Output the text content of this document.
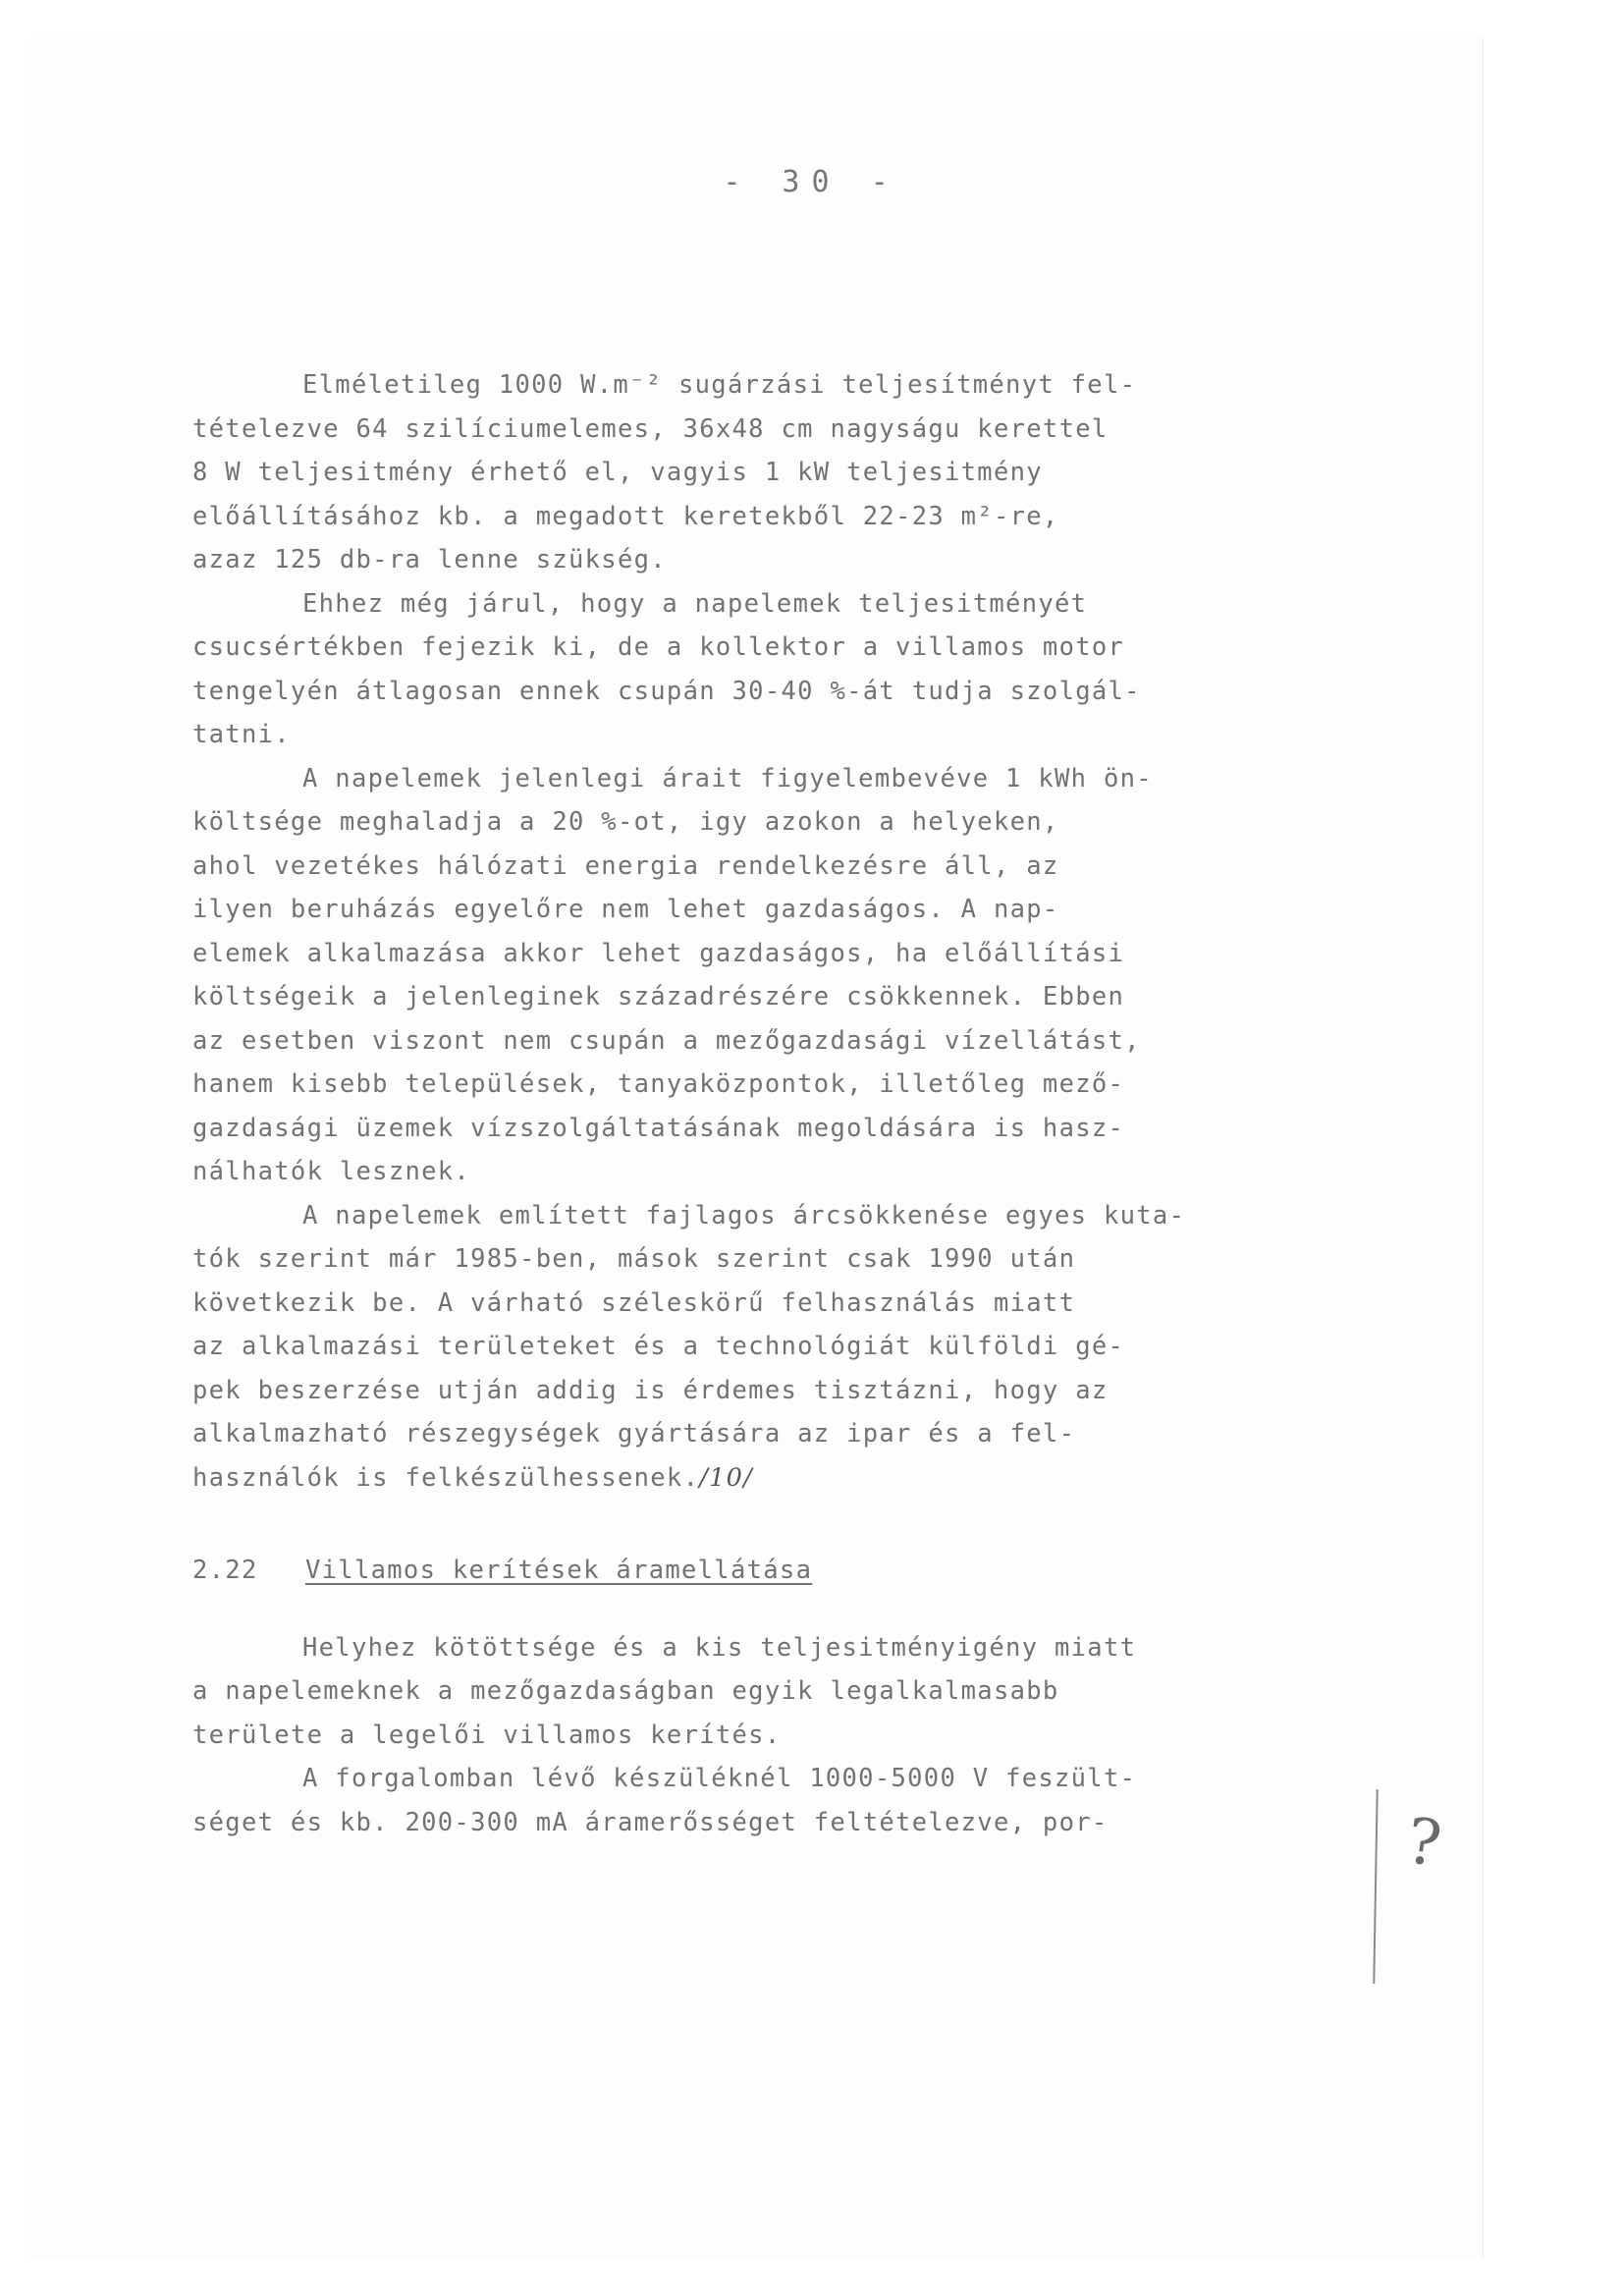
- 30 -
Elméletileg 1000 W.m⁻² sugárzási teljesítményt fel-
tételezve 64 szilíciumelemes, 36x48 cm nagyságu kerettel
8 W teljesitmény érhető el, vagyis 1 kW teljesitmény
előállításához kb. a megadott keretekből 22-23 m²-re,
azaz 125 db-ra lenne szükség.
Ehhez még járul, hogy a napelemek teljesitményét
csucsértékben fejezik ki, de a kollektor a villamos motor
tengelyén átlagosan ennek csupán 30-40 %-át tudja szolgál-
tatni.
A napelemek jelenlegi árait figyelembevéve 1 kWh ön-
költsége meghaladja a 20 %-ot, igy azokon a helyeken,
ahol vezetékes hálózati energia rendelkezésre áll, az
ilyen beruházás egyelőre nem lehet gazdaságos. A nap-
elemek alkalmazása akkor lehet gazdaságos, ha előállítási
költségeik a jelenleginek századrészére csökkennek. Ebben
az esetben viszont nem csupán a mezőgazdasági vízellátást,
hanem kisebb települések, tanyaközpontok, illetőleg mező-
gazdasági üzemek vízszolgáltatásának megoldására is hasz-
nálhatók lesznek.
A napelemek említett fajlagos árcsökkenése egyes kuta-
tók szerint már 1985-ben, mások szerint csak 1990 után
következik be. A várható széleskörű felhasználás miatt
az alkalmazási területeket és a technológiát külföldi gé-
pek beszerzése utján addig is érdemes tisztázni, hogy az
alkalmazható részegységek gyártására az ipar és a fel-
használók is felkészülhessenek./10/
2.22 Villamos kerítések áramellátása
Helyhez kötöttsége és a kis teljesitményigény miatt
a napelemeknek a mezőgazdaságban egyik legalkalmasabb
területe a legelői villamos kerítés.
A forgalomban lévő készüléknél 1000-5000 V feszült-
séget és kb. 200-300 mA áramerősséget feltételezve, por-	?
